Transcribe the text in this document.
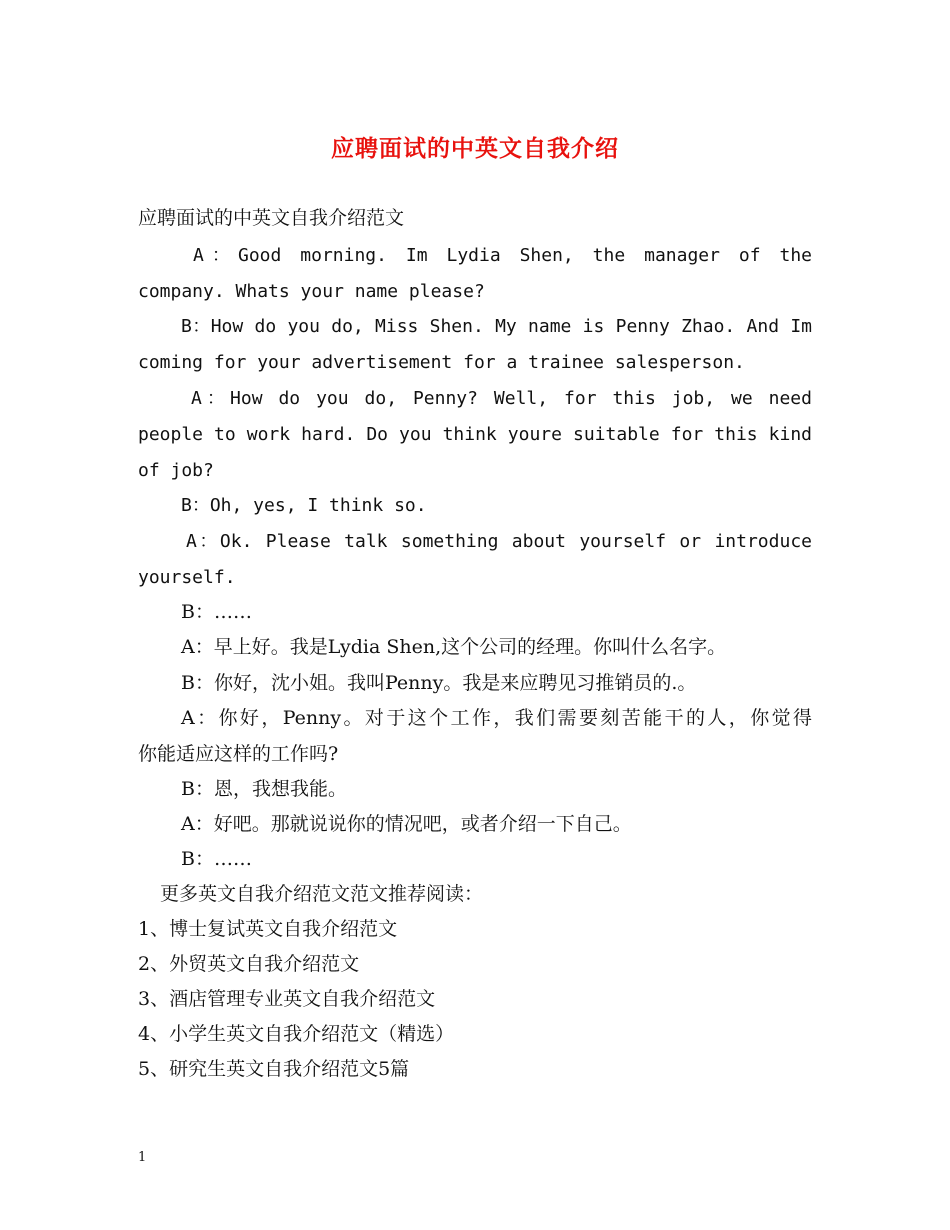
应聘面试的中英文自我介绍
应聘面试的中英文自我介绍范文
A：Good morning. Im Lydia Shen, the manager of the
company. Whats your name please?
B：How do you do, Miss Shen. My name is Penny Zhao. And Im
coming for your advertisement for a trainee salesperson.
A：How do you do, Penny? Well, for this job, we need
people to work hard. Do you think youre suitable for this kind
of job?
B：Oh, yes, I think so.
A：Ok. Please talk something about yourself or introduce
yourself.
B：……
A：早上好。我是Lydia Shen,这个公司的经理。你叫什么名字。
B：你好，沈小姐。我叫Penny。我是来应聘见习推销员的.。
A：你好，Penny。对于这个工作，我们需要刻苦能干的人，你觉得
你能适应这样的工作吗?
B：恩，我想我能。
A：好吧。那就说说你的情况吧，或者介绍一下自己。
B：……
更多英文自我介绍范文范文推荐阅读：
1、博士复试英文自我介绍范文
2、外贸英文自我介绍范文
3、酒店管理专业英文自我介绍范文
4、小学生英文自我介绍范文（精选）
5、研究生英文自我介绍范文5篇
1
